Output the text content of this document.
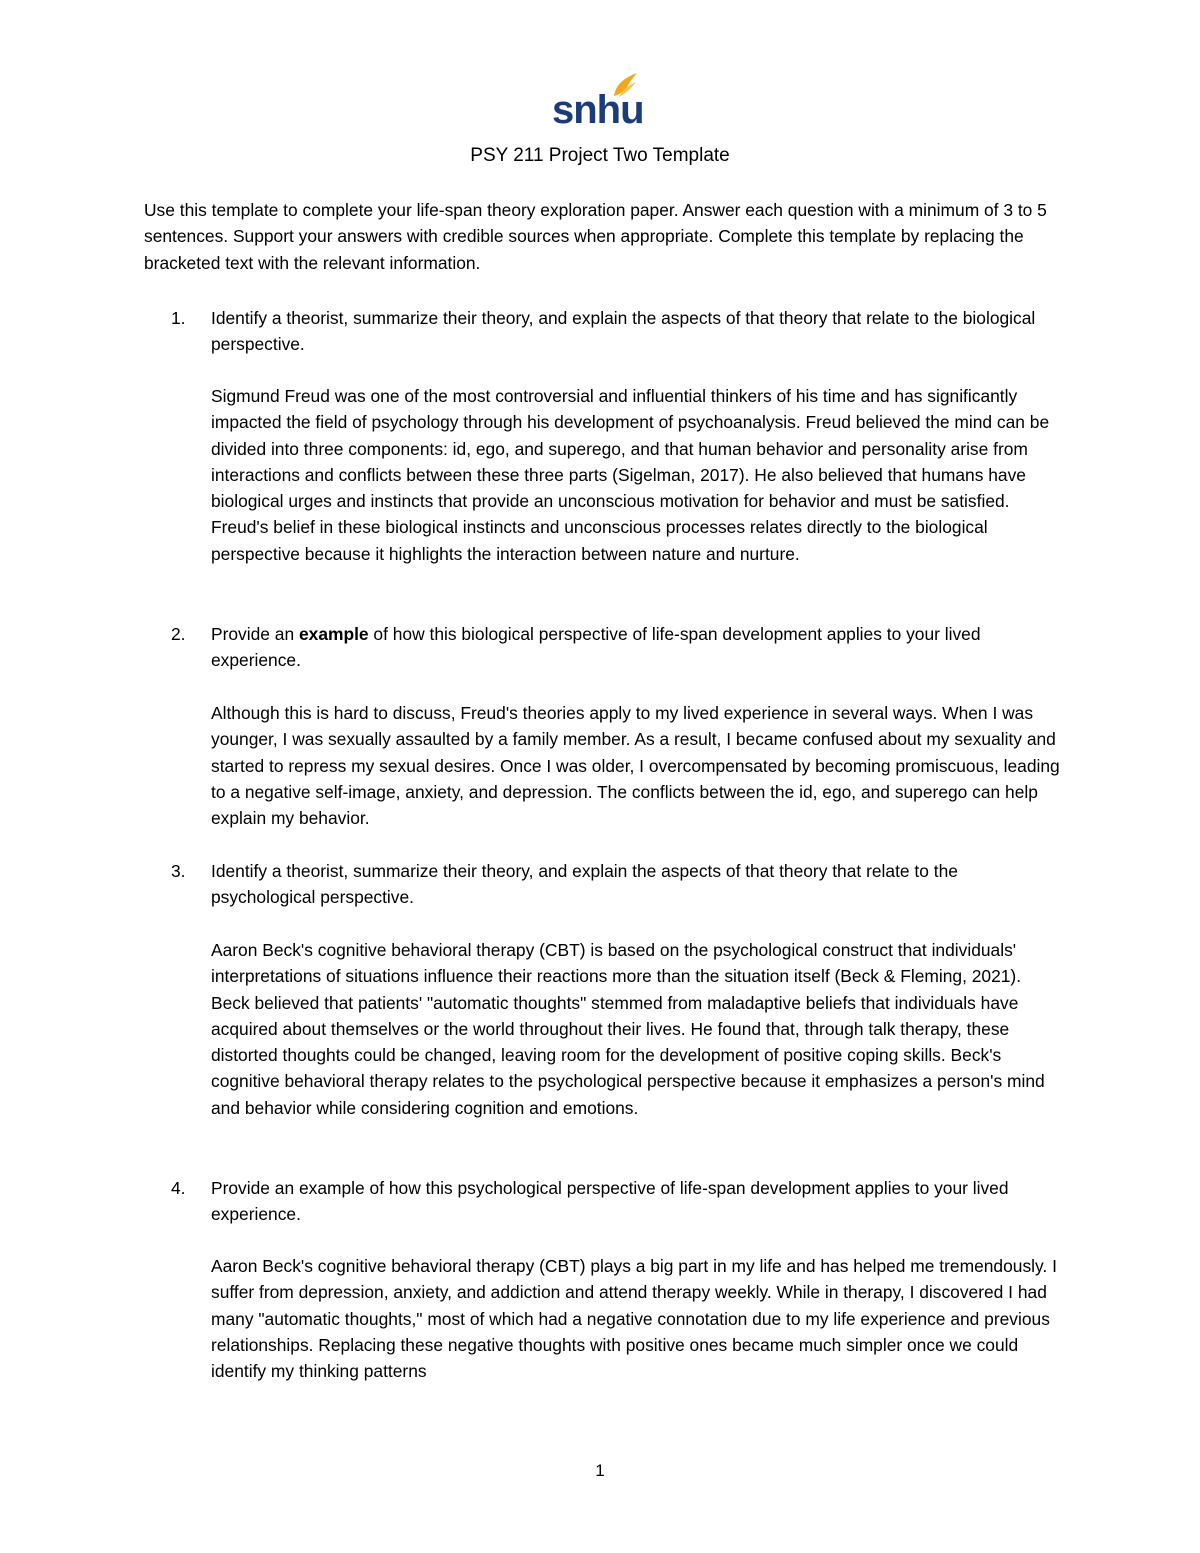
snhu
PSY 211 Project Two Template

Use this template to complete your life-span theory exploration paper. Answer each question with a minimum of 3 to 5 sentences. Support your answers with credible sources when appropriate. Complete this template by replacing the bracketed text with the relevant information.

1. Identify a theorist, summarize their theory, and explain the aspects of that theory that relate to the biological perspective.

Sigmund Freud was one of the most controversial and influential thinkers of his time and has significantly impacted the field of psychology through his development of psychoanalysis. Freud believed the mind can be divided into three components: id, ego, and superego, and that human behavior and personality arise from interactions and conflicts between these three parts (Sigelman, 2017). He also believed that humans have biological urges and instincts that provide an unconscious motivation for behavior and must be satisfied. Freud's belief in these biological instincts and unconscious processes relates directly to the biological perspective because it highlights the interaction between nature and nurture.

2. Provide an example of how this biological perspective of life-span development applies to your lived experience.

Although this is hard to discuss, Freud's theories apply to my lived experience in several ways. When I was younger, I was sexually assaulted by a family member. As a result, I became confused about my sexuality and started to repress my sexual desires. Once I was older, I overcompensated by becoming promiscuous, leading to a negative self-image, anxiety, and depression. The conflicts between the id, ego, and superego can help explain my behavior.

3. Identify a theorist, summarize their theory, and explain the aspects of that theory that relate to the psychological perspective.

Aaron Beck's cognitive behavioral therapy (CBT) is based on the psychological construct that individuals' interpretations of situations influence their reactions more than the situation itself (Beck & Fleming, 2021). Beck believed that patients' "automatic thoughts" stemmed from maladaptive beliefs that individuals have acquired about themselves or the world throughout their lives. He found that, through talk therapy, these distorted thoughts could be changed, leaving room for the development of positive coping skills. Beck's cognitive behavioral therapy relates to the psychological perspective because it emphasizes a person's mind and behavior while considering cognition and emotions.

4. Provide an example of how this psychological perspective of life-span development applies to your lived experience.

Aaron Beck's cognitive behavioral therapy (CBT) plays a big part in my life and has helped me tremendously. I suffer from depression, anxiety, and addiction and attend therapy weekly. While in therapy, I discovered I had many "automatic thoughts," most of which had a negative connotation due to my life experience and previous relationships. Replacing these negative thoughts with positive ones became much simpler once we could identify my thinking patterns

1
